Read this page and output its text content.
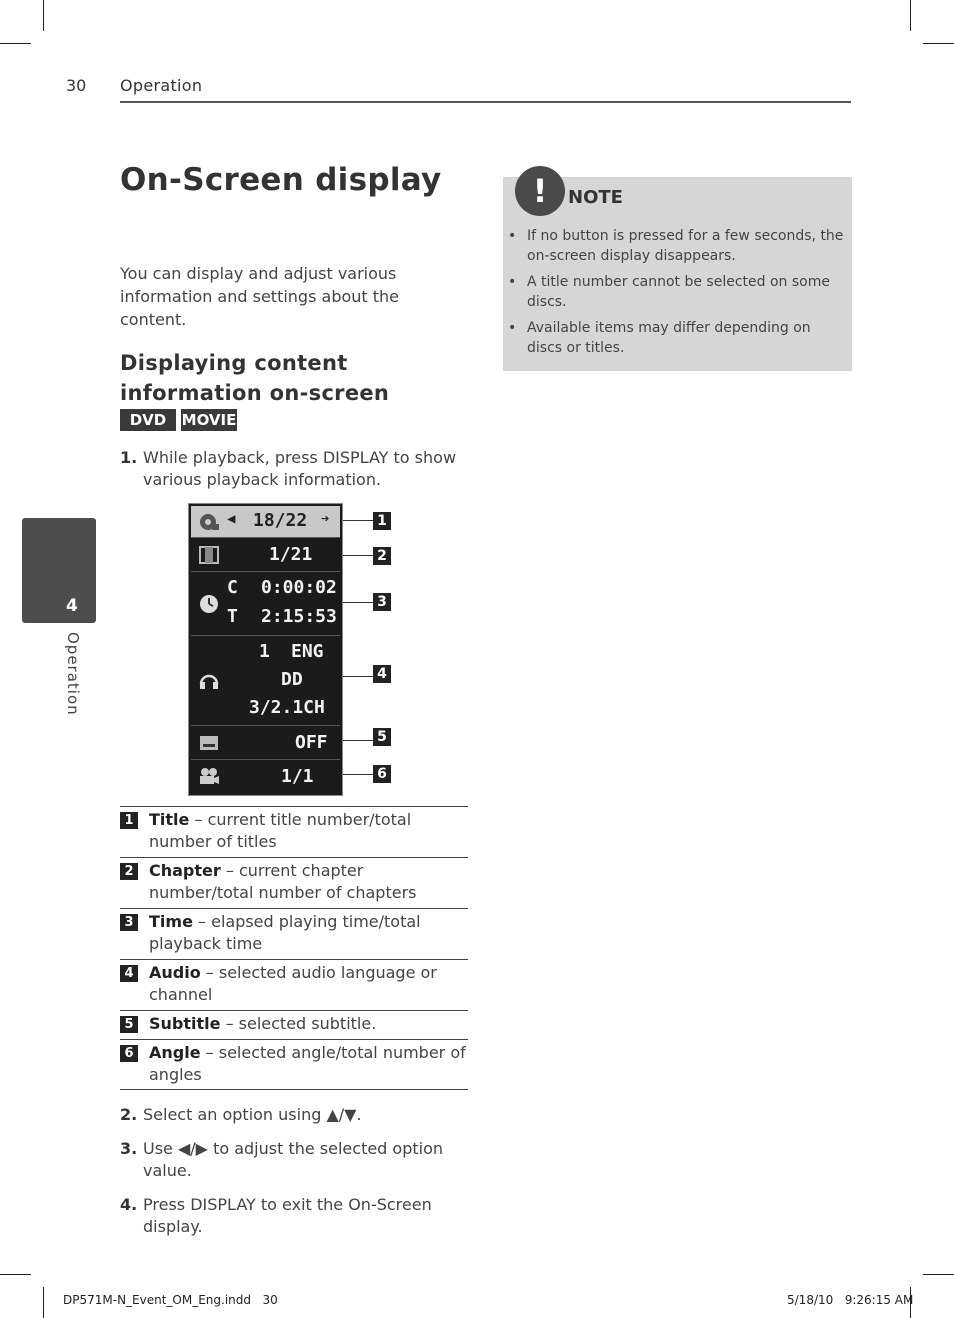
30 Operation
On-Screen display
You can display and adjust various information and settings about the content.
Displaying content information on-screen
DVD	MOVIE
1. While playback, press DISPLAY to show various playback information.
◀ 18/22 ➔
1/21
C 0:00:02
T 2:15:53
1 ENG
DD
3/2.1CH
OFF
1/1
1
2
3
4
5
6
1 Title – current title number/total number of titles
2 Chapter – current chapter number/total number of chapters
3 Time – elapsed playing time/total playback time
4 Audio – selected audio language or channel
5 Subtitle – selected subtitle.
6 Angle – selected angle/total number of angles
2. Select an option using ▲/▼.
3. Use ◀/▶ to adjust the selected option value.
4. Press DISPLAY to exit the On-Screen display.
!	NOTE
• If no button is pressed for a few seconds, the on-screen display disappears.
• A title number cannot be selected on some discs.
• Available items may differ depending on discs or titles.
4
Operation
DP571M-N_Event_OM_Eng.indd   30	5/18/10   9:26:15 AM
